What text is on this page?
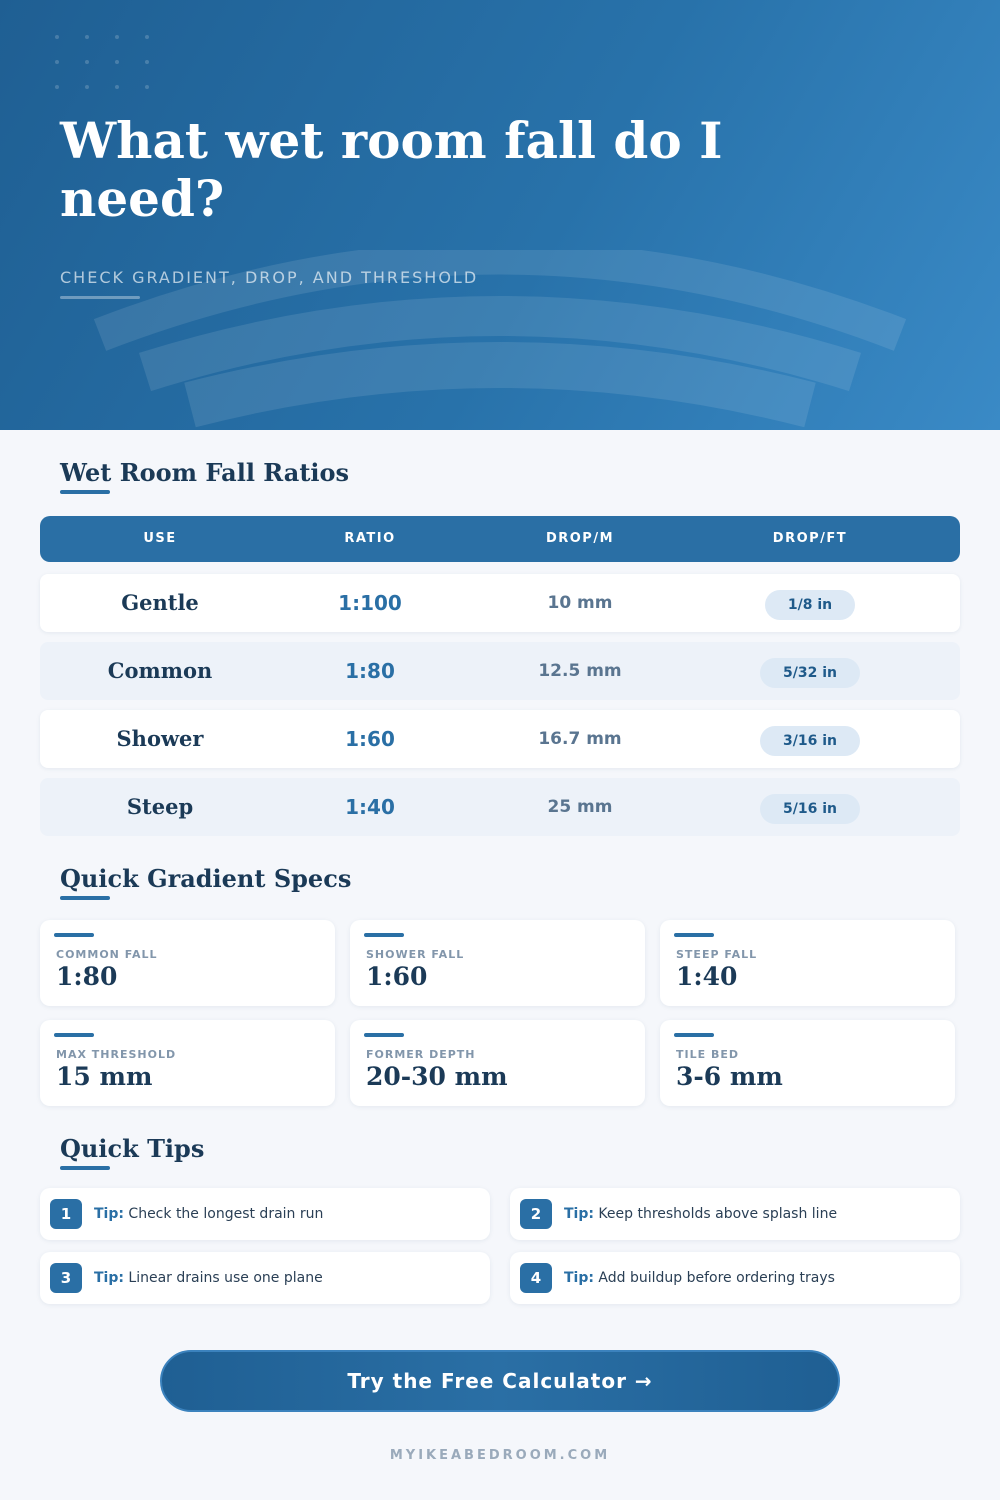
What wet room fall do I need?
CHECK GRADIENT, DROP, AND THRESHOLD
Wet Room Fall Ratios
USE	RATIO	DROP/M	DROP/FT
Gentle	1:100	10 mm	1/8 in
Common	1:80	12.5 mm	5/32 in
Shower	1:60	16.7 mm	3/16 in
Steep	1:40	25 mm	5/16 in
Quick Gradient Specs
COMMON FALL
1:80
SHOWER FALL
1:60
STEEP FALL
1:40
MAX THRESHOLD
15 mm
FORMER DEPTH
20-30 mm
TILE BED
3-6 mm
Quick Tips
1	Tip: Check the longest drain run	2	Tip: Keep thresholds above splash line
3	Tip: Linear drains use one plane	4	Tip: Add buildup before ordering trays
Try the Free Calculator →
MYIKEABEDROOM.COM
